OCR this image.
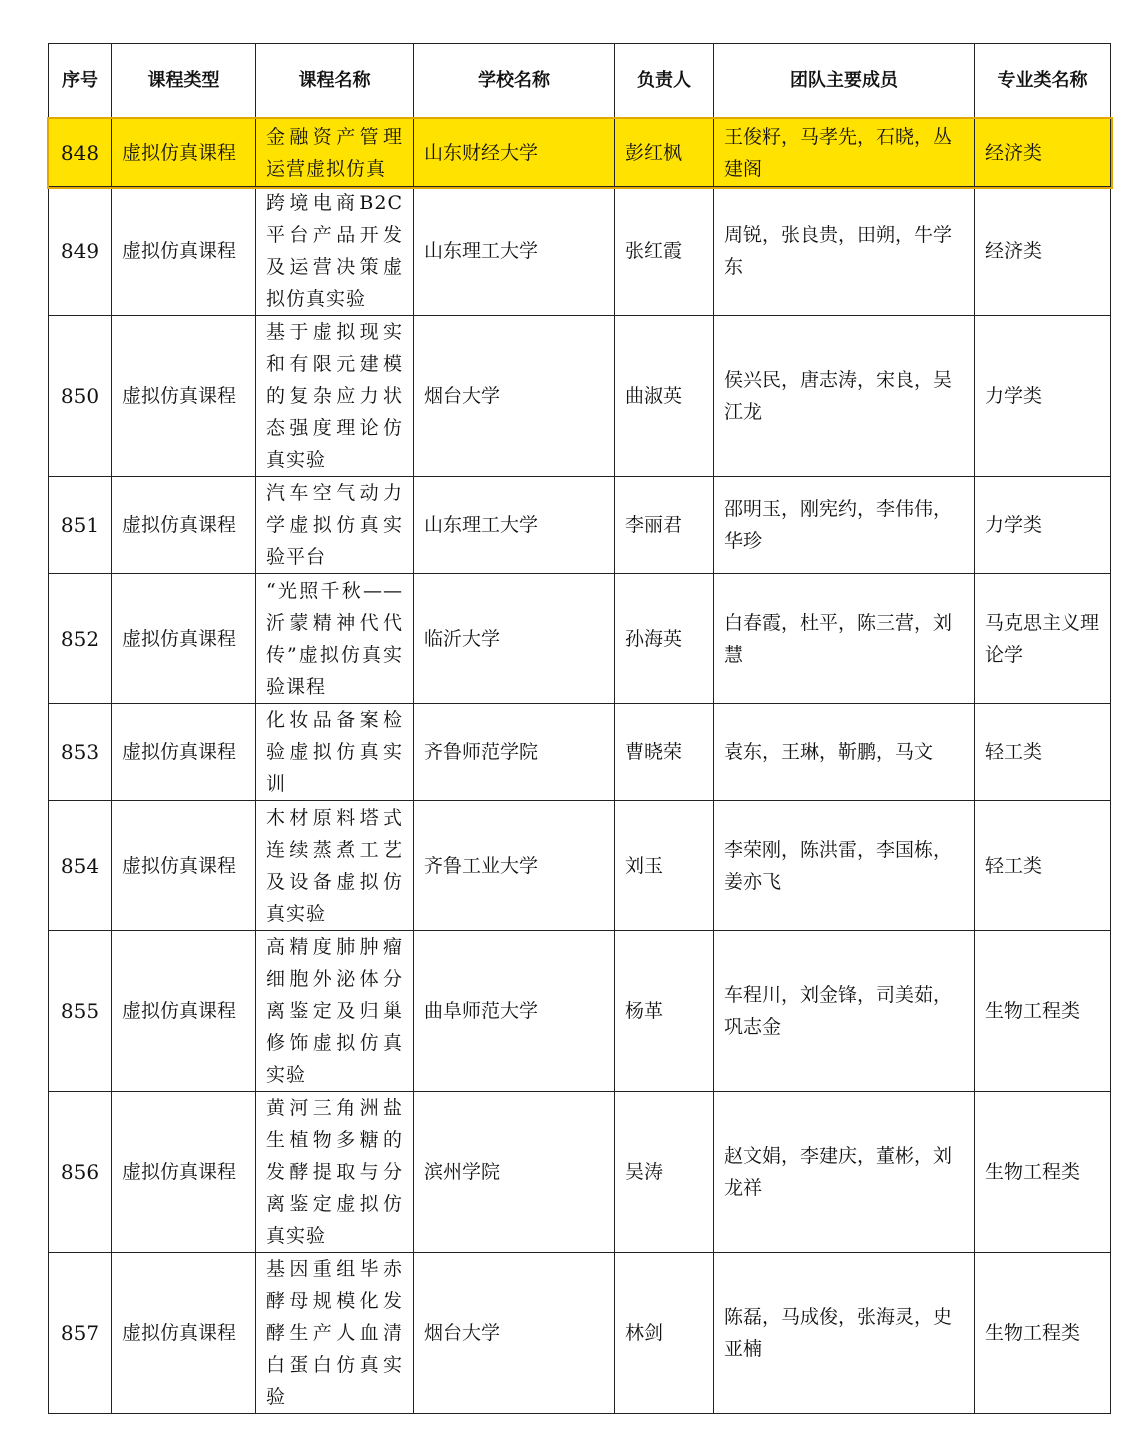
序号	课程类型	课程名称	学校名称	负责人	团队主要成员	专业类名称
848	虚拟仿真课程	金融资产管理运营虚拟仿真	山东财经大学	彭红枫	王俊籽，马孝先，石晓，丛建阁	经济类
849	虚拟仿真课程	跨境电商B2C平台产品开发及运营决策虚拟仿真实验	山东理工大学	张红霞	周锐，张良贵，田朔，牛学东	经济类
850	虚拟仿真课程	基于虚拟现实和有限元建模的复杂应力状态强度理论仿真实验	烟台大学	曲淑英	侯兴民，唐志涛，宋良，吴江龙	力学类
851	虚拟仿真课程	汽车空气动力学虚拟仿真实验平台	山东理工大学	李丽君	邵明玉，刚宪约，李伟伟，华珍	力学类
852	虚拟仿真课程	“光照千秋——沂蒙精神代代传”虚拟仿真实验课程	临沂大学	孙海英	白春霞，杜平，陈三营，刘慧	马克思主义理论学
853	虚拟仿真课程	化妆品备案检验虚拟仿真实训	齐鲁师范学院	曹晓荣	袁东，王琳，靳鹏，马文	轻工类
854	虚拟仿真课程	木材原料塔式连续蒸煮工艺及设备虚拟仿真实验	齐鲁工业大学	刘玉	李荣刚，陈洪雷，李国栋，姜亦飞	轻工类
855	虚拟仿真课程	高精度肺肿瘤细胞外泌体分离鉴定及归巢修饰虚拟仿真实验	曲阜师范大学	杨革	车程川，刘金锋，司美茹，巩志金	生物工程类
856	虚拟仿真课程	黄河三角洲盐生植物多糖的发酵提取与分离鉴定虚拟仿真实验	滨州学院	吴涛	赵文娟，李建庆，董彬，刘龙祥	生物工程类
857	虚拟仿真课程	基因重组毕赤酵母规模化发酵生产人血清白蛋白仿真实验	烟台大学	林剑	陈磊，马成俊，张海灵，史亚楠	生物工程类
